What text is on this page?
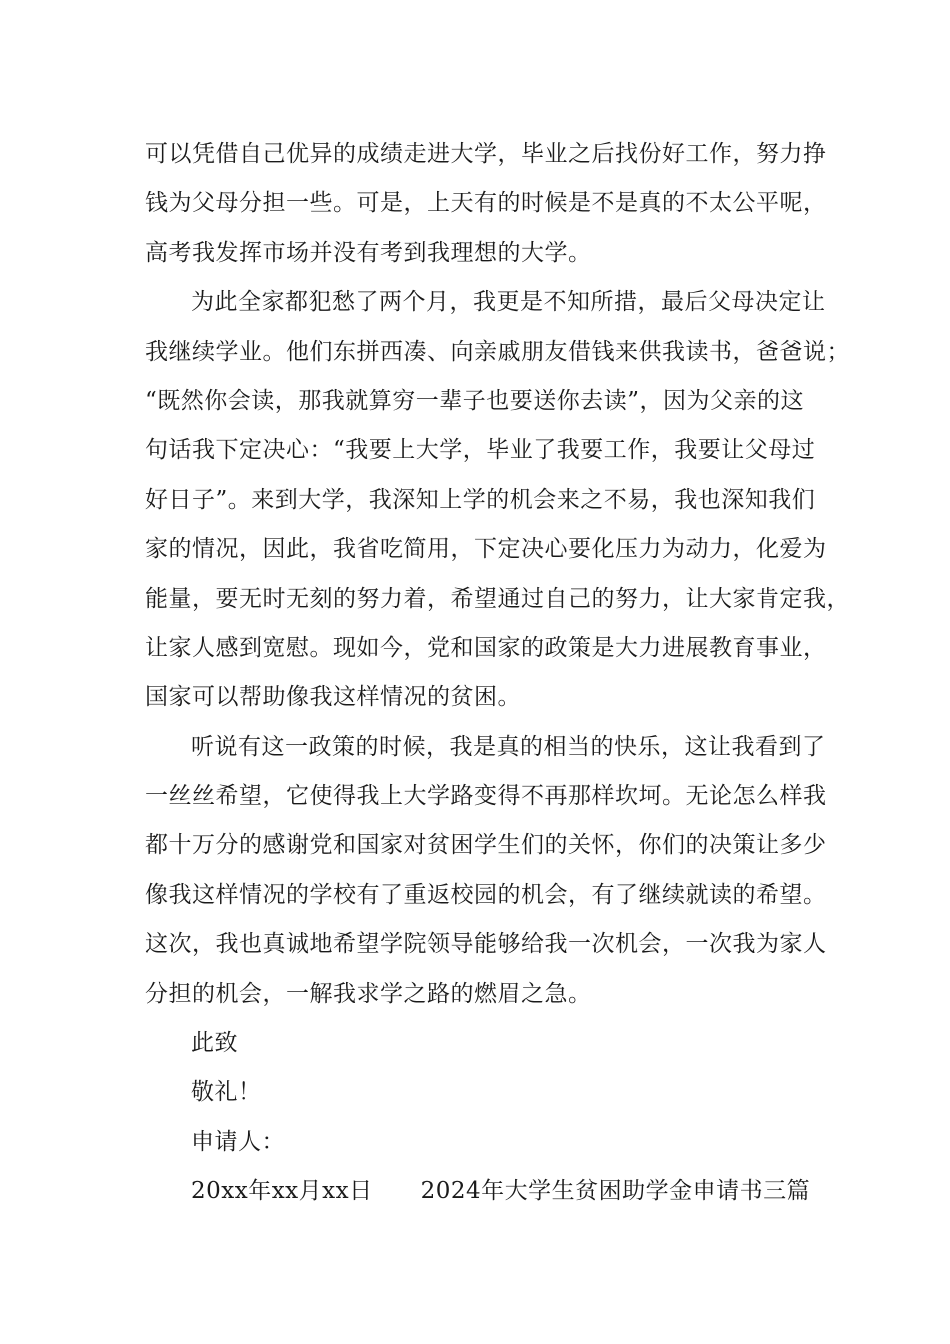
可以凭借自己优异的成绩走进大学，毕业之后找份好工作，努力挣
钱为父母分担一些。可是，上天有的时候是不是真的不太公平呢，
高考我发挥市场并没有考到我理想的大学。
为此全家都犯愁了两个月，我更是不知所措，最后父母决定让
我继续学业。他们东拼西凑、向亲戚朋友借钱来供我读书，爸爸说；
“既然你会读，那我就算穷一辈子也要送你去读”，因为父亲的这
句话我下定决心：“我要上大学，毕业了我要工作，我要让父母过
好日子”。来到大学，我深知上学的机会来之不易，我也深知我们
家的情况，因此，我省吃简用，下定决心要化压力为动力，化爱为
能量，要无时无刻的努力着，希望通过自己的努力，让大家肯定我，
让家人感到宽慰。现如今，党和国家的政策是大力进展教育事业，
国家可以帮助像我这样情况的贫困。
听说有这一政策的时候，我是真的相当的快乐，这让我看到了
一丝丝希望，它使得我上大学路变得不再那样坎坷。无论怎么样我
都十万分的感谢党和国家对贫困学生们的关怀，你们的决策让多少
像我这样情况的学校有了重返校园的机会，有了继续就读的希望。
这次，我也真诚地希望学院领导能够给我一次机会，一次我为家人
分担的机会，一解我求学之路的燃眉之急。
此致
敬礼！
申请人：
20xx年xx月xx日 2024年大学生贫困助学金申请书三篇
